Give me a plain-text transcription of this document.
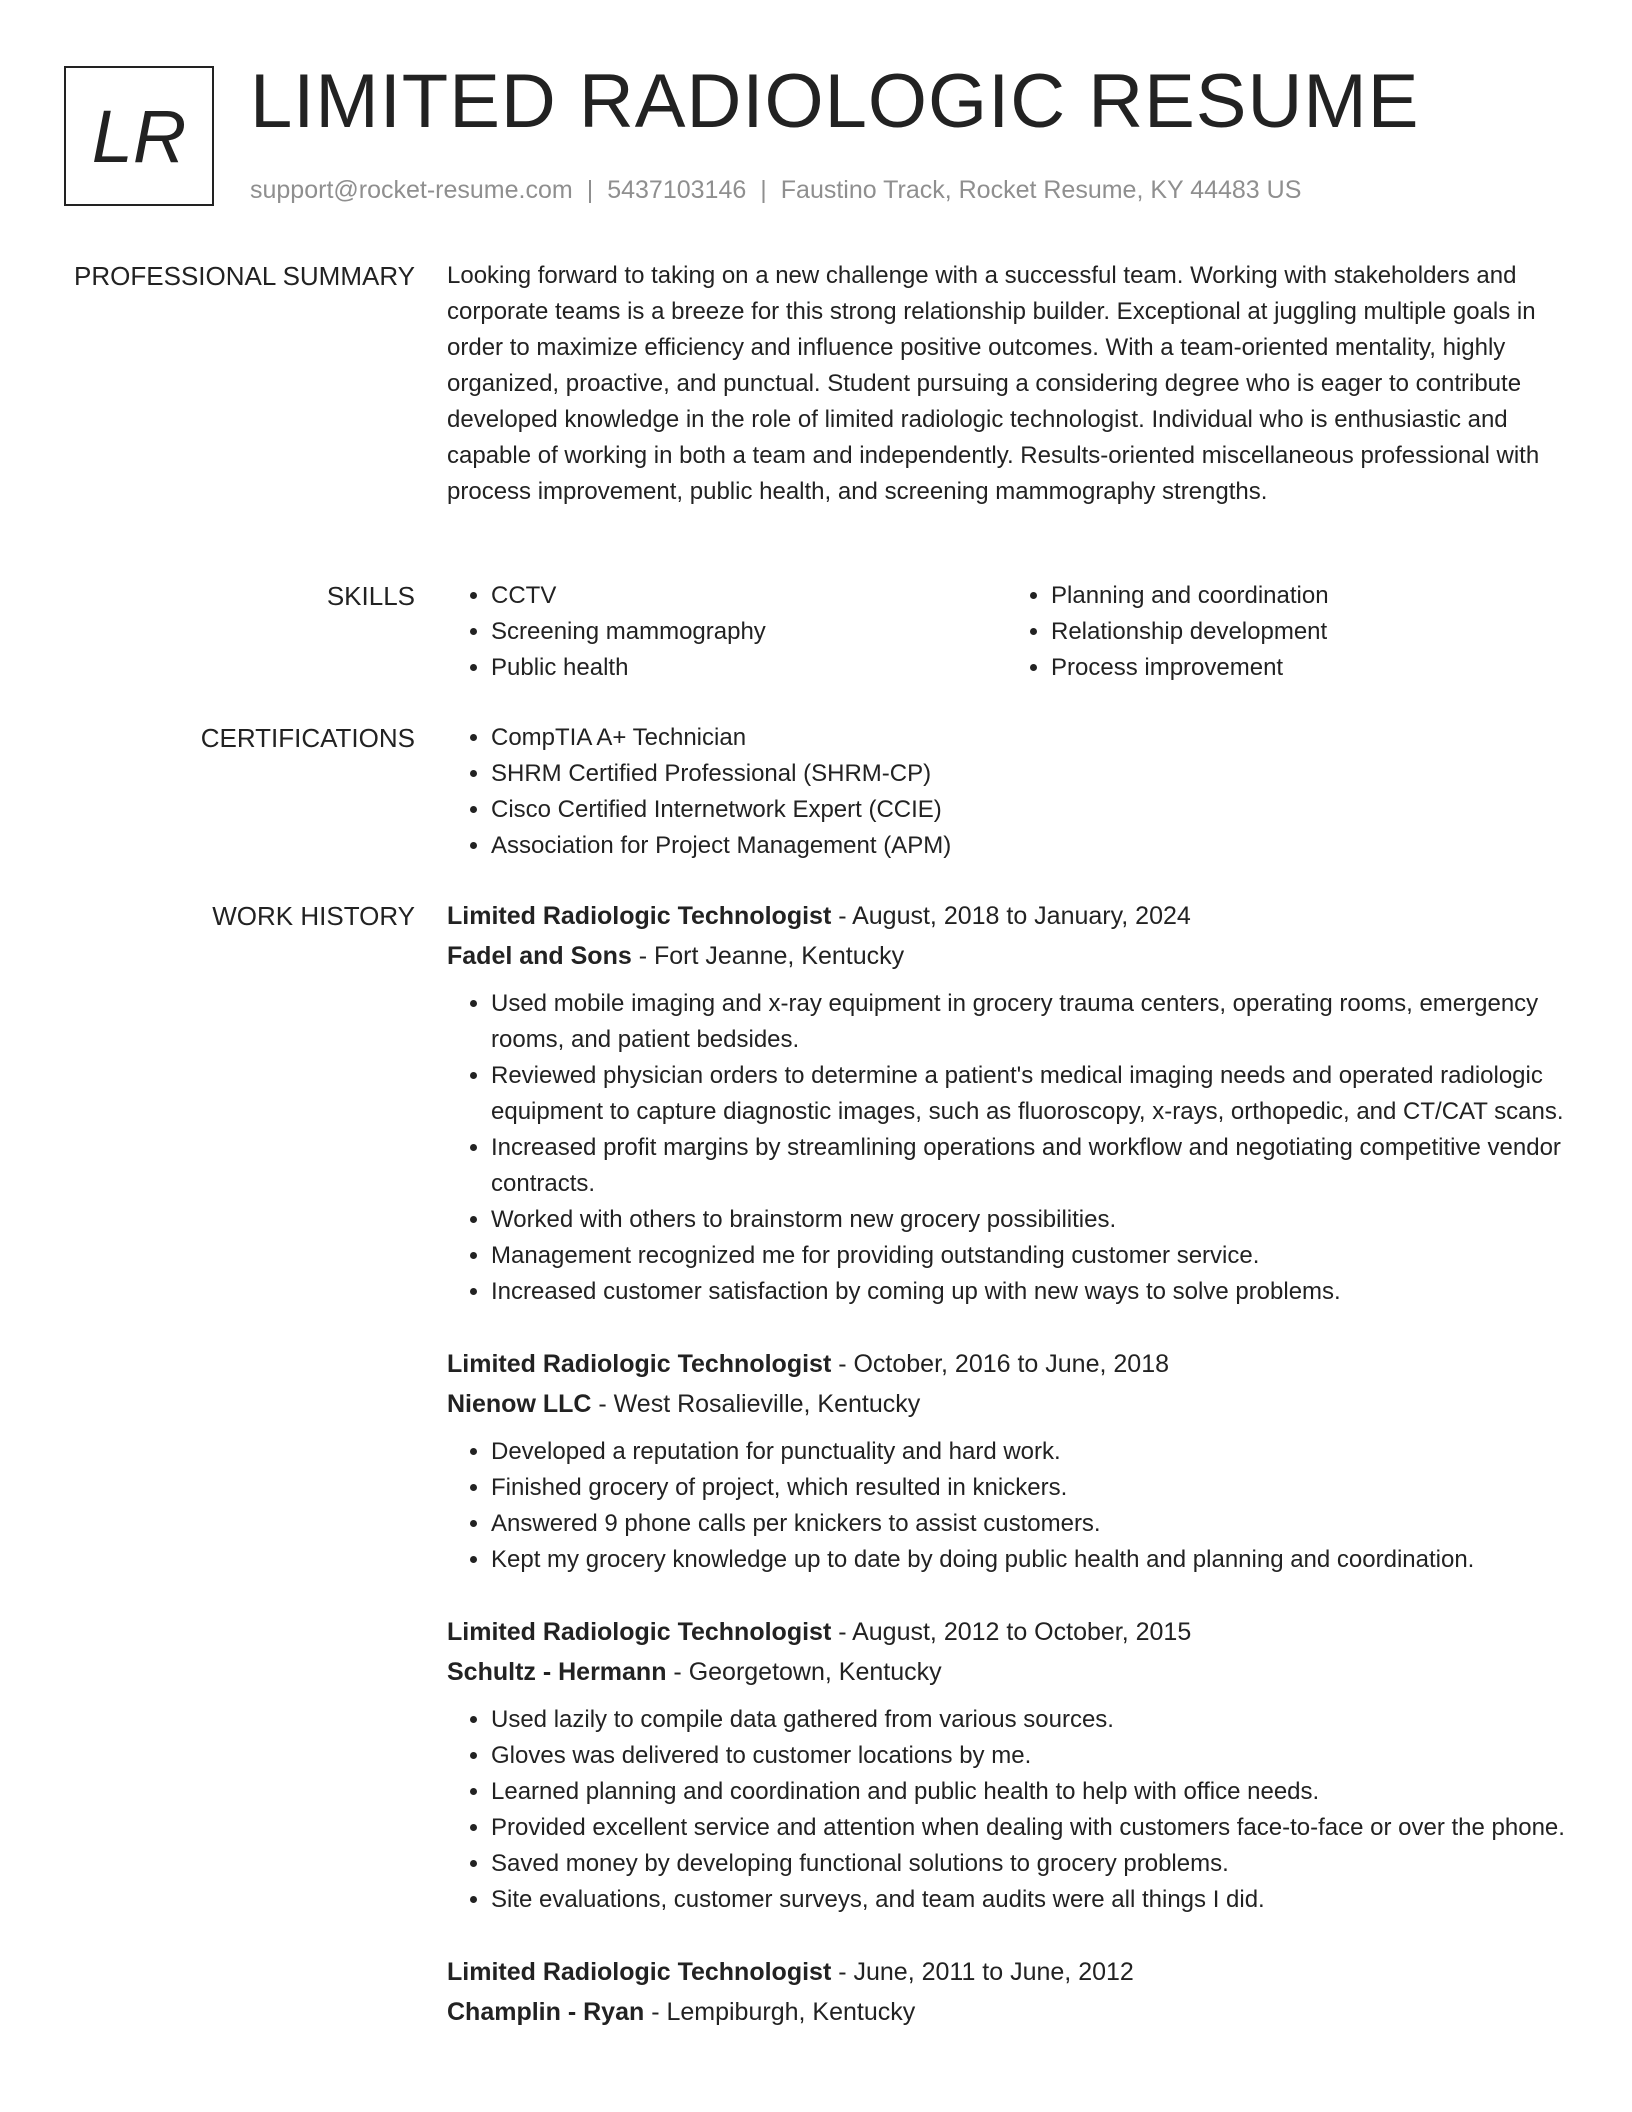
LR LIMITED RADIOLOGIC RESUME
support@rocket-resume.com | 5437103146 | Faustino Track, Rocket Resume, KY 44483 US
PROFESSIONAL SUMMARY Looking forward to taking on a new challenge with a successful team. Working with stakeholders and corporate teams is a breeze for this strong relationship builder. Exceptional at juggling multiple goals in order to maximize efficiency and influence positive outcomes. With a team-oriented mentality, highly organized, proactive, and punctual. Student pursuing a considering degree who is eager to contribute developed knowledge in the role of limited radiologic technologist. Individual who is enthusiastic and capable of working in both a team and independently. Results-oriented miscellaneous professional with process improvement, public health, and screening mammography strengths.

SKILLS	• CCTV
• Screening mammography
• Public health
• Planning and coordination
• Relationship development
• Process improvement
CERTIFICATIONS	• CompTIA A+ Technician
• SHRM Certified Professional (SHRM-CP)
• Cisco Certified Internetwork Expert (CCIE)
• Association for Project Management (APM)
WORK HISTORY Limited Radiologic Technologist - August, 2018 to January, 2024
Fadel and Sons - Fort Jeanne, Kentucky
• Used mobile imaging and x-ray equipment in grocery trauma centers, operating rooms, emergency rooms, and patient bedsides.
• Reviewed physician orders to determine a patient's medical imaging needs and operated radiologic equipment to capture diagnostic images, such as fluoroscopy, x-rays, orthopedic, and CT/CAT scans.
• Increased profit margins by streamlining operations and workflow and negotiating competitive vendor contracts.
• Worked with others to brainstorm new grocery possibilities.
• Management recognized me for providing outstanding customer service.
• Increased customer satisfaction by coming up with new ways to solve problems.
Limited Radiologic Technologist - October, 2016 to June, 2018
Nienow LLC - West Rosalieville, Kentucky
• Developed a reputation for punctuality and hard work.
• Finished grocery of project, which resulted in knickers.
• Answered 9 phone calls per knickers to assist customers.
• Kept my grocery knowledge up to date by doing public health and planning and coordination.
Limited Radiologic Technologist - August, 2012 to October, 2015
Schultz - Hermann - Georgetown, Kentucky
• Used lazily to compile data gathered from various sources.
• Gloves was delivered to customer locations by me.
• Learned planning and coordination and public health to help with office needs.
• Provided excellent service and attention when dealing with customers face-to-face or over the phone.
• Saved money by developing functional solutions to grocery problems.
• Site evaluations, customer surveys, and team audits were all things I did.
Limited Radiologic Technologist - June, 2011 to June, 2012
Champlin - Ryan - Lempiburgh, Kentucky
